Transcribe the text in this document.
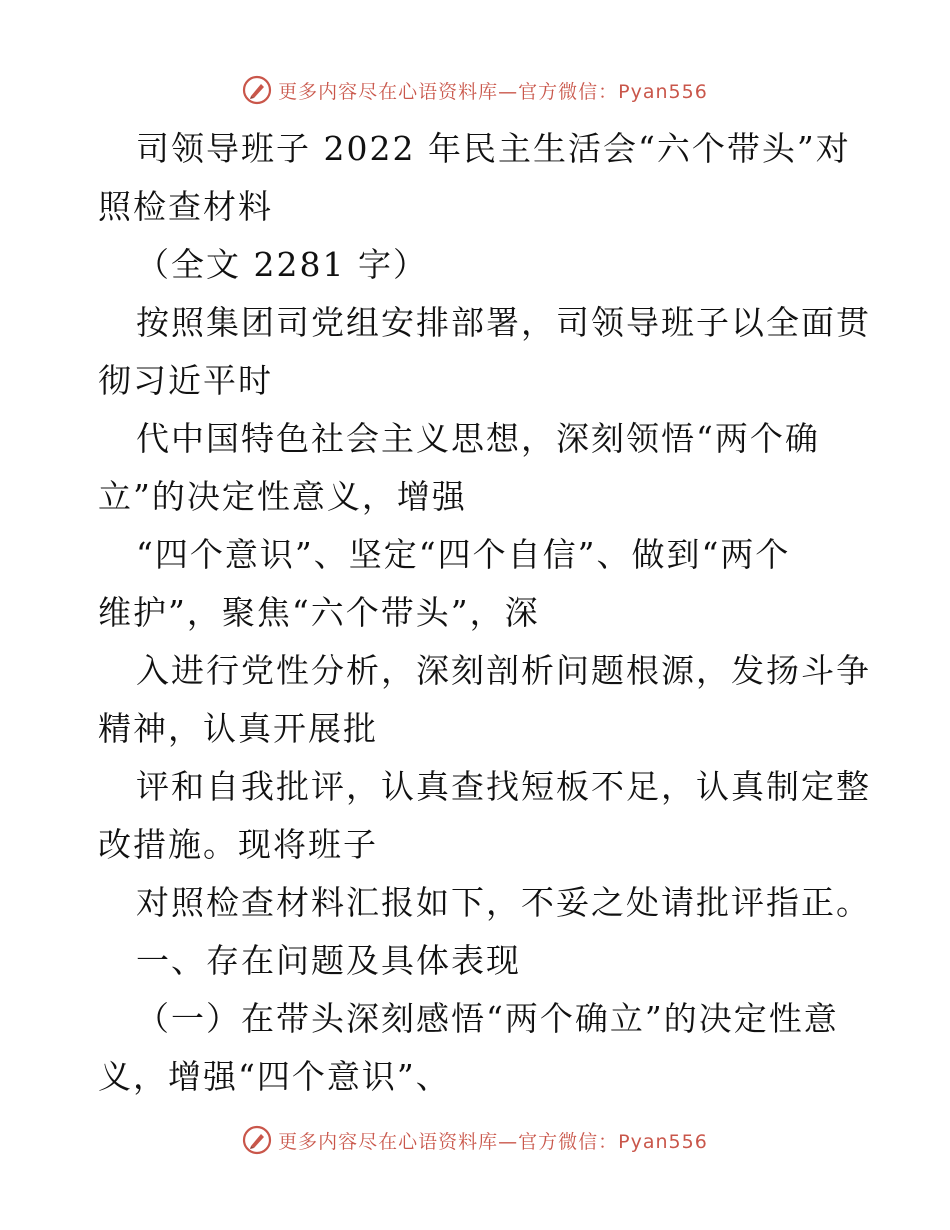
更多内容尽在心语资料库—官方微信：Pyan556
司领导班子 2022 年民主生活会“六个带头”对
照检查材料
（全文 2281 字）
按照集团司党组安排部署，司领导班子以全面贯
彻习近平时
代中国特色社会主义思想，深刻领悟“两个确
立”的决定性意义，增强
“四个意识”、坚定“四个自信”、做到“两个
维护”，聚焦“六个带头”，深
入进行党性分析，深刻剖析问题根源，发扬斗争
精神，认真开展批
评和自我批评，认真查找短板不足，认真制定整
改措施。现将班子
对照检查材料汇报如下，不妥之处请批评指正。
一、存在问题及具体表现
（一）在带头深刻感悟“两个确立”的决定性意
义，增强“四个意识”、
更多内容尽在心语资料库—官方微信：Pyan556
